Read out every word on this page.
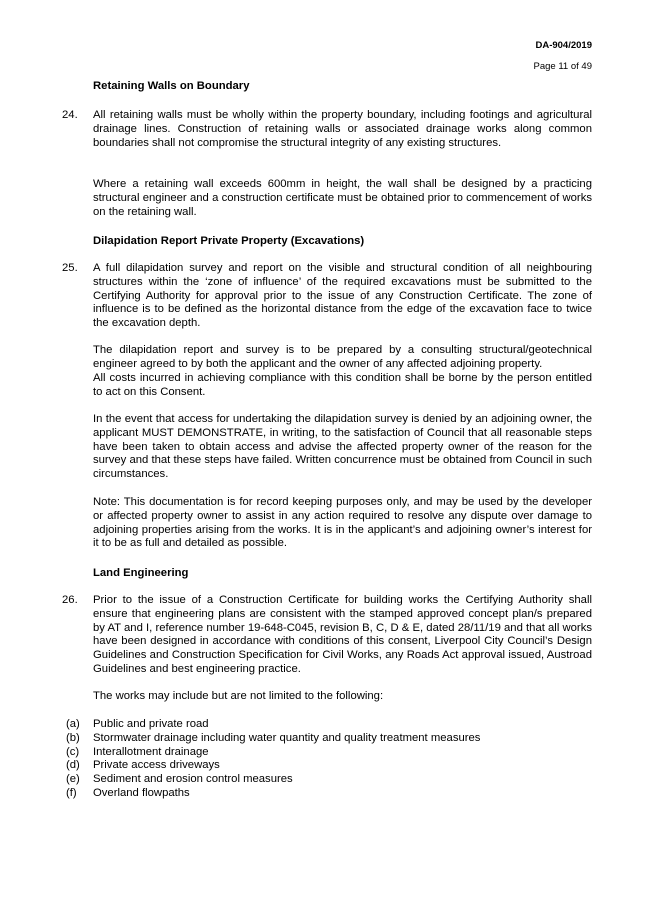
DA-904/2019
Page 11 of 49
Retaining Walls on Boundary
24. All retaining walls must be wholly within the property boundary, including footings and agricultural drainage lines. Construction of retaining walls or associated drainage works along common boundaries shall not compromise the structural integrity of any existing structures.

Where a retaining wall exceeds 600mm in height, the wall shall be designed by a practicing structural engineer and a construction certificate must be obtained prior to commencement of works on the retaining wall.

Dilapidation Report Private Property (Excavations)
25. A full dilapidation survey and report on the visible and structural condition of all neighbouring structures within the ‘zone of influence’ of the required excavations must be submitted to the Certifying Authority for approval prior to the issue of any Construction Certificate. The zone of influence is to be defined as the horizontal distance from the edge of the excavation face to twice the excavation depth.

The dilapidation report and survey is to be prepared by a consulting structural/geotechnical engineer agreed to by both the applicant and the owner of any affected adjoining property.

All costs incurred in achieving compliance with this condition shall be borne by the person entitled to act on this Consent.

In the event that access for undertaking the dilapidation survey is denied by an adjoining owner, the applicant MUST DEMONSTRATE, in writing, to the satisfaction of Council that all reasonable steps have been taken to obtain access and advise the affected property owner of the reason for the survey and that these steps have failed. Written concurrence must be obtained from Council in such circumstances.

Note: This documentation is for record keeping purposes only, and may be used by the developer or affected property owner to assist in any action required to resolve any dispute over damage to adjoining properties arising from the works. It is in the applicant’s and adjoining owner’s interest for it to be as full and detailed as possible.

Land Engineering
26. Prior to the issue of a Construction Certificate for building works the Certifying Authority shall ensure that engineering plans are consistent with the stamped approved concept plan/s prepared by AT and I, reference number 19-648-C045, revision B, C, D & E, dated 28/11/19 and that all works have been designed in accordance with conditions of this consent, Liverpool City Council’s Design Guidelines and Construction Specification for Civil Works, any Roads Act approval issued, Austroad Guidelines and best engineering practice.

The works may include but are not limited to the following:

(a)	Public and private road
(b)	Stormwater drainage including water quantity and quality treatment measures
(c)	Interallotment drainage
(d)	Private access driveways
(e)	Sediment and erosion control measures
(f)	Overland flowpaths
